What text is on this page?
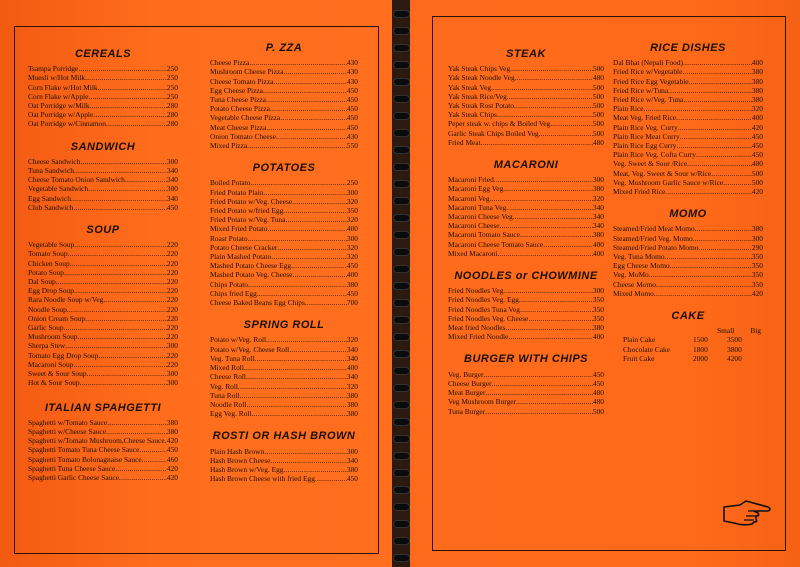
CEREALS
Tsampa Porridge .....	250
Muesli w/Hot Milk .....	250
Corn Flake w/Hot Milk .....	250
Corn Flake w/Apple .....	250
Oat Porridge w/Milk .....	280
Oat Porridge w/Apple .....	280
Oat Porridge w/Cinnamon .....	280
SANDWICH
Cheese Sandwich .....	300
Tuna Sandwich .....	340
Cheese Tomato Onion Sandwich .....	340
Vegetable Sandwich .....	300
Egg Sandwich .....	340
Club Sandwich .....	450
SOUP
Vegetable Soup .....	220
Tomato Soup .....	220
Chicken Soup .....	220
Potato Soup .....	220
Dal Soup .....	220
Egg Drop Soup .....	220
Rara Noodle Soup w/Veg. .....	220
Noodle Soup .....	220
Onion Cream Soup .....	220
Garlic Soup .....	220
Mushroom Soup .....	220
Sherpa Stew .....	300
Tomato Egg Drop Soup .....	220
Macaroni Soup .....	220
Sweet & Sour Soup .....	300
Hot & Sour Soup .....	300
ITALIAN SPAHGETTI
Spaghetti w/Tomato Sauce .....	380
Spaghetti w/Cheese Sauce .....	380
Spaghetti w/Tomato Mushroom,Cheese Sauce ..... 420
Spaghetti Tomato Tuna Cheese Sauce .....	450
Spaghetti Tomato Bolonagnaise Sauce .....	460
Spaghetti Tuna Cheese Sauce .....	420
Spaghetti Garlic Cheese Sauce .....	420
P. ZZA
Cheese Pizza .....	430
Mushroom Cheese Pizza .....	430
Cheese Tomato Pizza .....	430
Egg Cheese Pizza .....	450
Tuna Cheese Pizza .....	450
Potato Cheese Pizza .....	450
Vegetable Cheese Pizza .....	450
Meat Cheese Pizza .....	450
Onion Tomato Cheese .....	430
Mixed Pizza .....	550
POTATOES
Boiled Potato .....	250
Fried Potato Plain .....	300
Fried Potato w/Veg. Cheese .....	320
Fried Potato w/fried Egg .....	350
Fried Potato w/Veg. Tuna .....	320
Mixed Fried Potato .....	400
Roast Potato .....	300
Potato Cheese Cracker .....	320
Plain Mashed Potato .....	320
Mashed Potato Cheese Egg .....	450
Mashed Potato Veg. Cheese .....	400
Chips Potato .....	380
Chips fried Egg .....	450
Cheese Baked Beans Egg Chips .....	700
SPRING ROLL
Potato w/Veg. Roll .....	320
Potato w/Veg. Cheese Roll .....	340
Veg. Tuna Roll .....	340
Mixed Roll .....	400
Cheese Roll .....	340
Veg. Roll .....	320
Tuna Roll .....	380
Noodle Roll .....	380
Egg Veg. Roll .....	380
ROSTI OR HASH BROWN
Plain Hash Brown .....	300
Hash Brown Cheese .....	340
Hash Brown w/Veg. Egg .....	380
Hash Brown Cheese with fried Egg .....	450
STEAK
Yak Steak Chips Veg. .....	500
Yak Steak Noodle Veg .....	480
Yak Steak Veg. .....	500
Yak Steak Rice/Veg .....	500
Yak Steak Rost Potato .....	500
Yak Steak Chips .....	500
Peper steak w. chips & Boiled Veg. .....	500
Garlic Steak Chips Boiled Veg. .....	500
Fried Meat .....	480
MACARONI
Macaroni Fried .....	300
Macaroni Egg Veg. .....	380
Macaroni Veg. .....	320
Macaroni Tuna Veg. .....	340
Macaroni Cheese Veg .....	340
Macaroni Cheese .....	340
Macaroni Tomato Sauce .....	380
Macaroni Cheese Tomato Sauce .....	400
Mixed Macaroni .....	400
NOODLES or CHOWMINE
Fried Noodles Veg. .....	300
Fried Noodles Veg. Egg .....	350
Fried Noodles Tuna Veg .....	350
Fried Noodles Veg. Cheese .....	350
Meat fried Noodles .....	380
Mixed Fried Noodle .....	400
BURGER WITH CHIPS
Veg. Burger .....	450
Cheese Burger .....	450
Meat Burger .....	480
Veg Mushroom Burger .....	480
Tuna Burger .....	500
RICE DISHES
Dal Bhat (Nepali Food) .....	400
Fried Rice w/Vegetable .....	380
Fried Rice Egg Vegetable .....	380
Fried Rice w/Tuna .....	380
Fried Rice w/Veg. Tuna .....	380
Plain Rice .....	320
Meat Veg. Fried Rice .....	400
Plain Rice Veg. Curry .....	420
Plain Rice Meat Curry .....	450
Plain Rice Egg Curry .....	450
Plain Rice Veg. Cofta Curry .....	450
Veg. Sweet & Sour /Rice .....	480
Meat, Veg. Sweet & Sour w/Rice .....	500
Veg. Mushroom Garlic Sauce w/Rice .....	500
Mixed Fried Rice .....	420
MOMO
Steamed/Fried Meat Momo .....	380
Steamed/Fried Veg. Momo .....	300
Steamed/Fried Potato Momo .....	290
Veg. Tuna Momo .....	350
Egg Cheese Momo .....	350
Veg. MoMo .....	350
Cheese Momo .....	350
Mixed Momo .....	420
CAKE
Small Big
Plain Cake	1500	3500
Chocolate Cake	1800	3800
Fruit Cake	2000	4200
